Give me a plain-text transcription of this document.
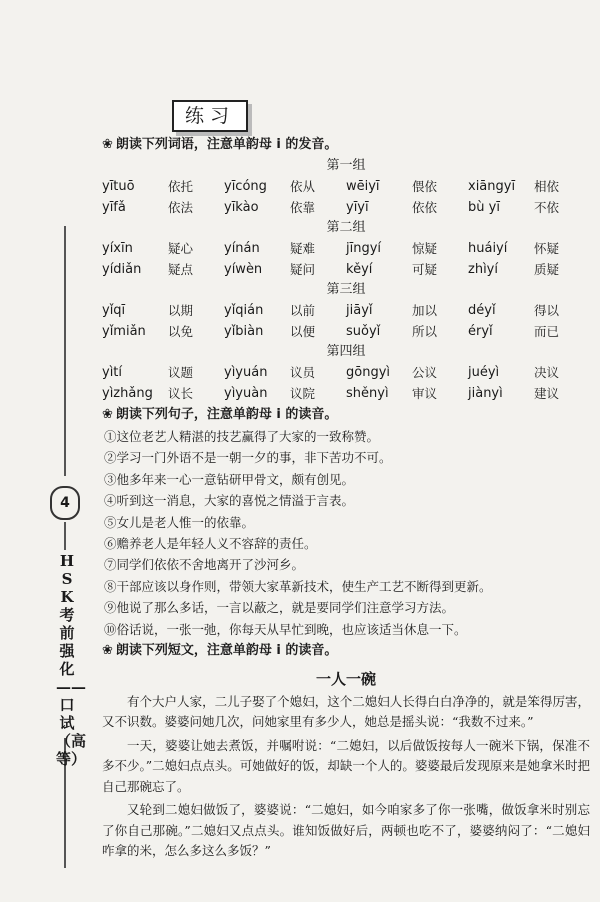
4
HSK考前强化——口试（高等）
练习
❀ 朗读下列词语，注意单韵母 i 的发音。
第一组
yītuō	依托	yīcóng	依从	wēiyī	偎依	xiāngyī	相依
yīfǎ	依法	yīkào	依靠	yīyī	依依	bù yī	不依
第二组
yíxīn	疑心	yínán	疑难	jīngyí	惊疑	huáiyí	怀疑
yídiǎn	疑点	yíwèn	疑问	kěyí	可疑	zhìyí	质疑
第三组
yǐqī	以期	yǐqián	以前	jiāyǐ	加以	déyǐ	得以
yǐmiǎn	以免	yǐbiàn	以便	suǒyǐ	所以	éryǐ	而已
第四组
yìtí	议题	yìyuán	议员	gōngyì	公议	juéyì	决议
yìzhǎng	议长	yìyuàn	议院	shěnyì	审议	jiànyì	建议
❀ 朗读下列句子，注意单韵母 i 的读音。
①这位老艺人精湛的技艺赢得了大家的一致称赞。
②学习一门外语不是一朝一夕的事，非下苦功不可。
③他多年来一心一意钻研甲骨文，颇有创见。
④听到这一消息，大家的喜悦之情溢于言表。
⑤女儿是老人惟一的依靠。
⑥赡养老人是年轻人义不容辞的责任。
⑦同学们依依不舍地离开了沙河乡。
⑧干部应该以身作则，带领大家革新技术，使生产工艺不断得到更新。
⑨他说了那么多话，一言以蔽之，就是要同学们注意学习方法。
⑩俗话说，一张一弛，你每天从早忙到晚，也应该适当休息一下。
❀ 朗读下列短文，注意单韵母 i 的读音。
一人一碗

有个大户人家，二儿子娶了个媳妇，这个二媳妇人长得白白净净的，就是笨得厉害，又不识数。婆婆问她几次，问她家里有多少人，她总是摇头说：“我数不过来。”

一天，婆婆让她去煮饭，并嘱咐说：“二媳妇，以后做饭按每人一碗米下锅，保准不多不少。”二媳妇点点头。可她做好的饭，却缺一个人的。婆婆最后发现原来是她拿米时把自己那碗忘了。

又轮到二媳妇做饭了，婆婆说：“二媳妇，如今咱家多了你一张嘴，做饭拿米时别忘了你自己那碗。”二媳妇又点点头。谁知饭做好后，两顿也吃不了，婆婆纳闷了：“二媳妇咋拿的米，怎么多这么多饭？”
